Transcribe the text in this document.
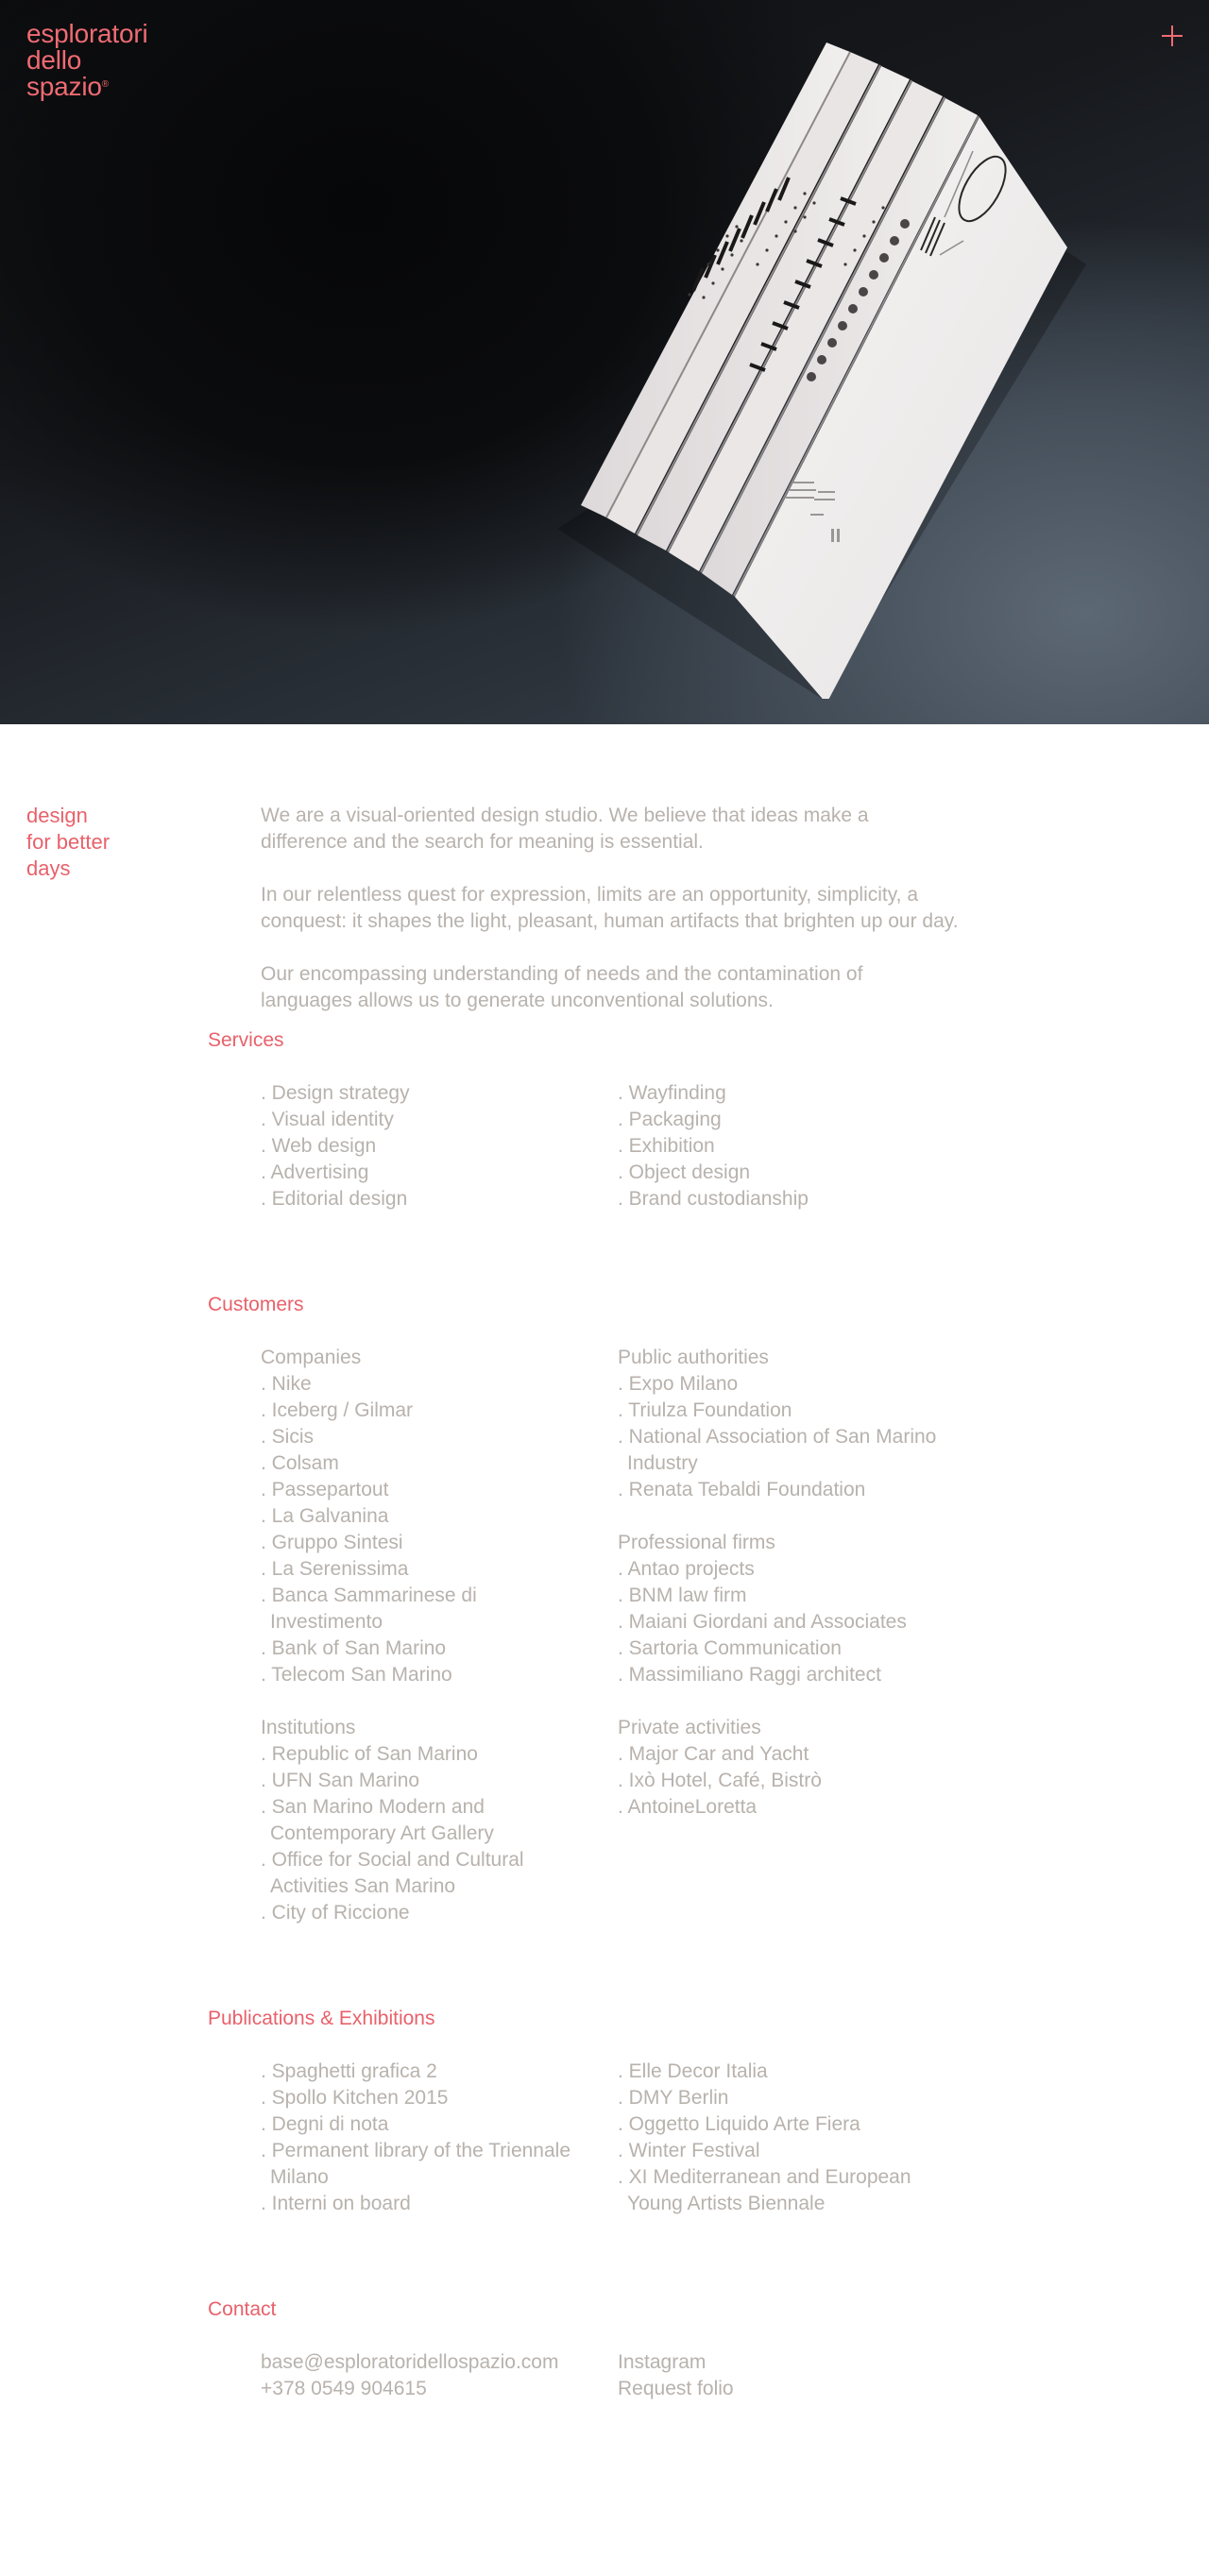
esploratori
dello
spazio®
design
for better
days

We are a visual-oriented design studio. We believe that ideas make a difference and the search for meaning is essential.

In our relentless quest for expression, limits are an opportunity, simplicity, a conquest: it shapes the light, pleasant, human artifacts that brighten up our day.

Our encompassing understanding of needs and the contamination of languages allows us to generate unconventional solutions.

Services
. Design strategy
. Visual identity
. Web design
. Advertising
. Editorial design
. Wayfinding
. Packaging
. Exhibition
. Object design
. Brand custodianship
Customers
Companies
. Nike
. Iceberg / Gilmar
. Sicis
. Colsam
. Passepartout
. La Galvanina
. Gruppo Sintesi
. La Serenissima
. Banca Sammarinese di Investimento
. Bank of San Marino
. Telecom San Marino
Institutions
. Republic of San Marino
. UFN San Marino
. San Marino Modern and Contemporary Art Gallery
. Office for Social and Cultural Activities San Marino
. City of Riccione
Public authorities
. Expo Milano
. Triulza Foundation
. National Association of San Marino Industry
. Renata Tebaldi Foundation
Professional firms
. Antao projects
. BNM law firm
. Maiani Giordani and Associates
. Sartoria Communication
. Massimiliano Raggi architect
Private activities
. Major Car and Yacht
. Ixò Hotel, Café, Bistrò
. AntoineLoretta
Publications & Exhibitions
. Spaghetti grafica 2
. Spollo Kitchen 2015
. Degni di nota
. Permanent library of the Triennale Milano
. Interni on board
. Elle Decor Italia
. DMY Berlin
. Oggetto Liquido Arte Fiera
. Winter Festival
. XI Mediterranean and European Young Artists Biennale
Contact
base@esploratoridellospazio.com
+378 0549 904615
Instagram
Request folio
